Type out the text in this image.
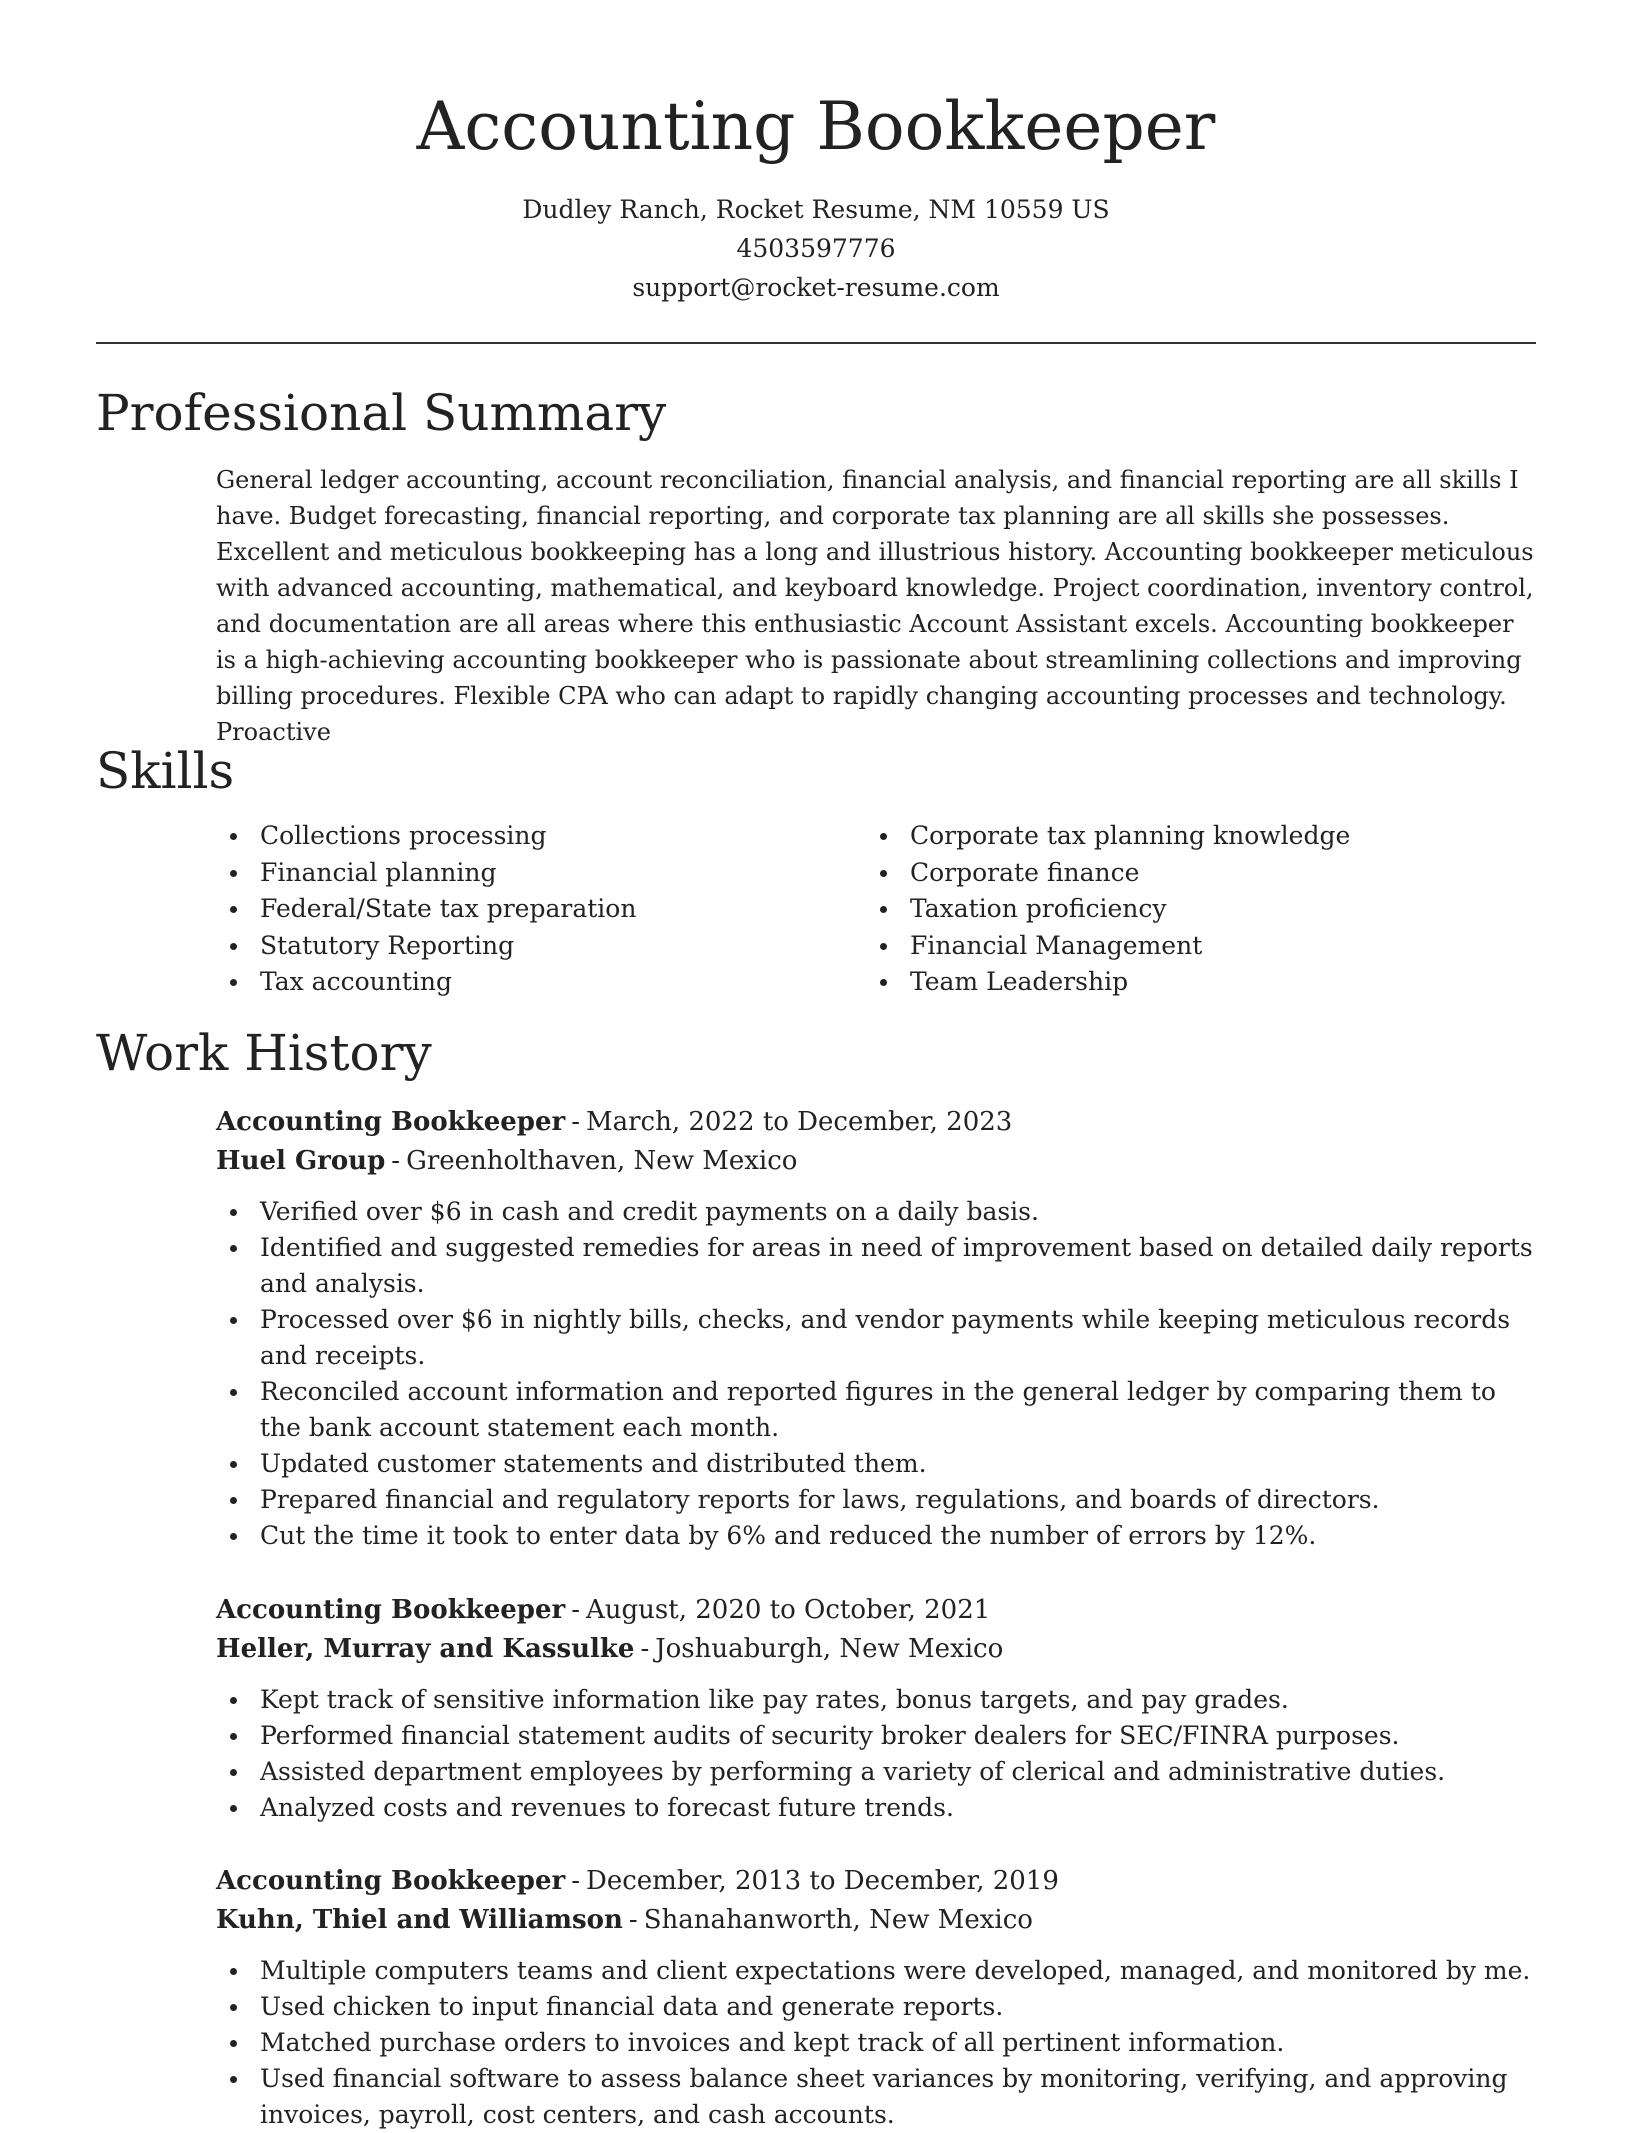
Accounting Bookkeeper
Dudley Ranch, Rocket Resume, NM 10559 US
4503597776
support@rocket-resume.com
Professional Summary

General ledger accounting, account reconciliation, financial analysis, and financial reporting are all skills I have. Budget forecasting, financial reporting, and corporate tax planning are all skills she possesses. Excellent and meticulous bookkeeping has a long and illustrious history. Accounting bookkeeper meticulous with advanced accounting, mathematical, and keyboard knowledge. Project coordination, inventory control, and documentation are all areas where this enthusiastic Account Assistant excels. Accounting bookkeeper is a high-achieving accounting bookkeeper who is passionate about streamlining collections and improving billing procedures. Flexible CPA who can adapt to rapidly changing accounting processes and technology. Proactive

Skills
Collections processing
Financial planning
Federal/State tax preparation
Statutory Reporting
Tax accounting
Corporate tax planning knowledge
Corporate finance
Taxation proficiency
Financial Management
Team Leadership
Work History

Accounting Bookkeeper - March, 2022 to December, 2023

Huel Group - Greenholthaven, New Mexico

Verified over $6 in cash and credit payments on a daily basis.
Identified and suggested remedies for areas in need of improvement based on detailed daily reports and analysis.
Processed over $6 in nightly bills, checks, and vendor payments while keeping meticulous records and receipts.
Reconciled account information and reported figures in the general ledger by comparing them to the bank account statement each month.
Updated customer statements and distributed them.
Prepared financial and regulatory reports for laws, regulations, and boards of directors.
Cut the time it took to enter data by 6% and reduced the number of errors by 12%.

Accounting Bookkeeper - August, 2020 to October, 2021

Heller, Murray and Kassulke - Joshuaburgh, New Mexico

Kept track of sensitive information like pay rates, bonus targets, and pay grades.
Performed financial statement audits of security broker dealers for SEC/FINRA purposes.
Assisted department employees by performing a variety of clerical and administrative duties.
Analyzed costs and revenues to forecast future trends.

Accounting Bookkeeper - December, 2013 to December, 2019

Kuhn, Thiel and Williamson - Shanahanworth, New Mexico

Multiple computers teams and client expectations were developed, managed, and monitored by me.
Used chicken to input financial data and generate reports.
Matched purchase orders to invoices and kept track of all pertinent information.
Used financial software to assess balance sheet variances by monitoring, verifying, and approving invoices, payroll, cost centers, and cash accounts.
